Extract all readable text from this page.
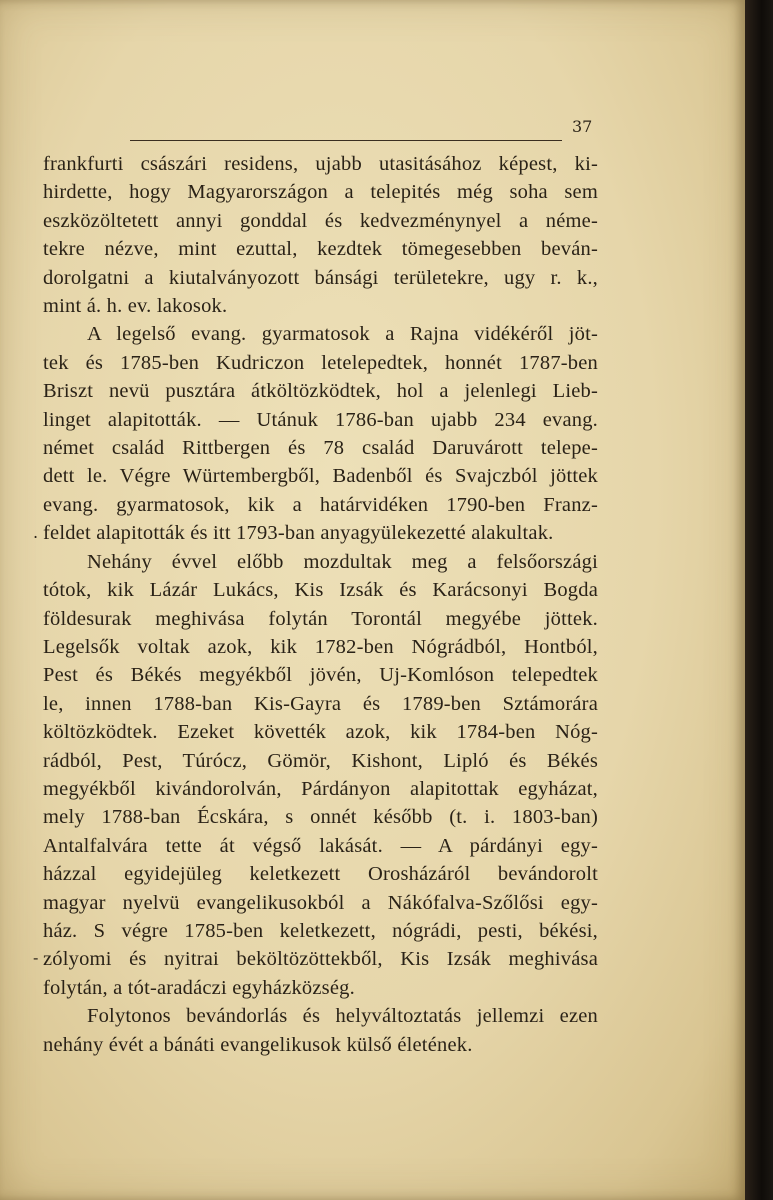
37
frankfurti császári residens, ujabb utasitásához képest, ki-
hirdette, hogy Magyarországon a telepités még soha sem
eszközöltetett annyi gonddal és kedvezménynyel a néme-
tekre nézve, mint ezuttal, kezdtek tömegesebben beván-
dorolgatni a kiutalványozott bánsági területekre, ugy r. k.,
mint á. h. ev. lakosok.
A legelső evang. gyarmatosok a Rajna vidékéről jöt-
tek és 1785-ben Kudriczon letelepedtek, honnét 1787-ben
Briszt nevü pusztára átköltözködtek, hol a jelenlegi Lieb-
linget alapitották. — Utánuk 1786-ban ujabb 234 evang.
német család Rittbergen és 78 család Daruvárott telepe-
dett le. Végre Würtembergből, Badenből és Svajczból jöttek
evang. gyarmatosok, kik a határvidéken 1790-ben Franz-
feldet alapitották és itt 1793-ban anyagyülekezetté alakultak.
Nehány évvel előbb mozdultak meg a felsőországi
tótok, kik Lázár Lukács, Kis Izsák és Karácsonyi Bogda
földesurak meghivása folytán Torontál megyébe jöttek.
Legelsők voltak azok, kik 1782-ben Nógrádból, Hontból,
Pest és Békés megyékből jövén, Uj-Komlóson telepedtek
le, innen 1788-ban Kis-Gayra és 1789-ben Sztámorára
költözködtek. Ezeket követték azok, kik 1784-ben Nóg-
rádból, Pest, Túrócz, Gömör, Kishont, Lipló és Békés
megyékből kivándorolván, Párdányon alapitottak egyházat,
mely 1788-ban Écskára, s onnét később (t. i. 1803-ban)
Antalfalvára tette át végső lakását. — A párdányi egy-
házzal egyidejüleg keletkezett Orosházáról bevándorolt
magyar nyelvü evangelikusokból a Nákófalva-Szőlősi egy-
ház. S végre 1785-ben keletkezett, nógrádi, pesti, békési,
zólyomi és nyitrai beköltözöttekből, Kis Izsák meghivása
folytán, a tót-aradáczi egyházközség.
Folytonos bevándorlás és helyváltoztatás jellemzi ezen
nehány évét a bánáti evangelikusok külső életének.
.
-
